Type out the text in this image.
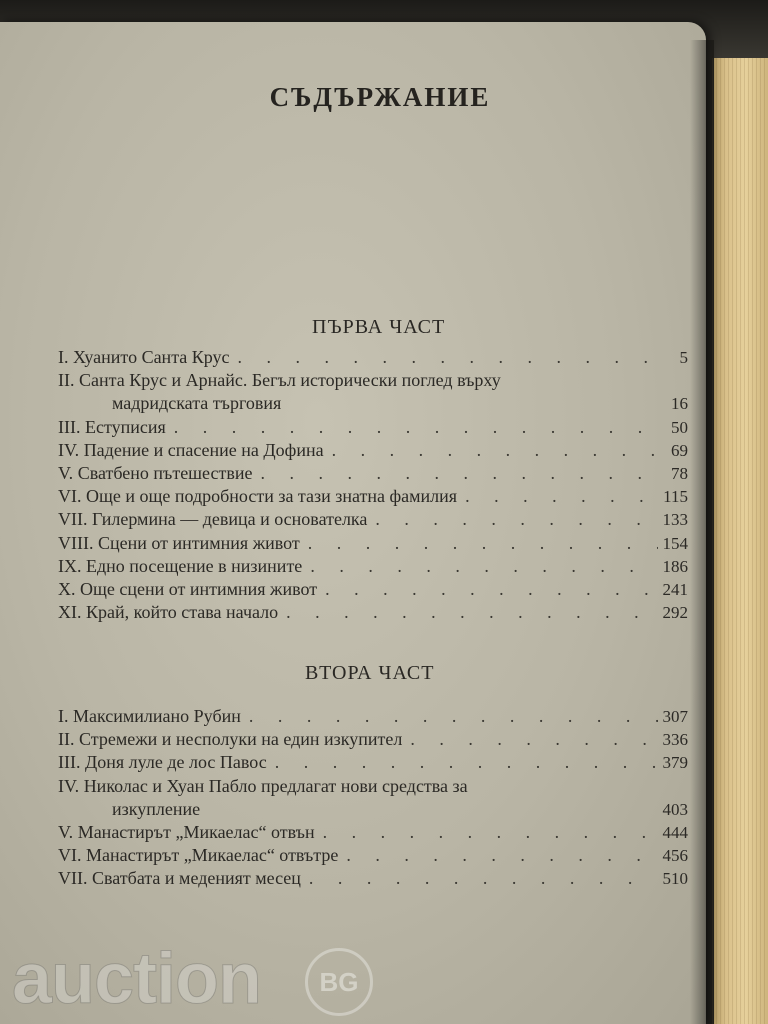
СЪДЪРЖАНИЕ
ПЪРВА ЧАСТ
I. Хуанито Санта Крус . . .	5
II. Санта Крус и Арнайс. Бегъл исторически поглед върху
мадридската търговия	16
III. Еступисия . . .	50
IV. Падение и спасение на Дофина . . .	69
V. Сватбено пътешествие . . .	78
VI. Още и още подробности за тази знатна фамилия . . .	115
VII. Гилермина — девица и основателка . . .	133
VIII. Сцени от интимния живот . . .	154
IX. Едно посещение в низините . . .	186
X. Още сцени от интимния живот . . .	241
XI. Край, който става начало . . .	292
ВТОРА ЧАСТ
I. Максимилиано Рубин . . .	307
II. Стремежи и несполуки на един изкупител . . .	336
III. Доня луле де лос Павос . . .	379
IV. Николас и Хуан Пабло предлагат нови средства за
изкупление	403
V. Манастирът „Микаелас“ отвън . . .	444
VI. Манастирът „Микаелас“ отвътре . . .	456
VII. Сватбата и меденият месец . . .	510
auction	BG
